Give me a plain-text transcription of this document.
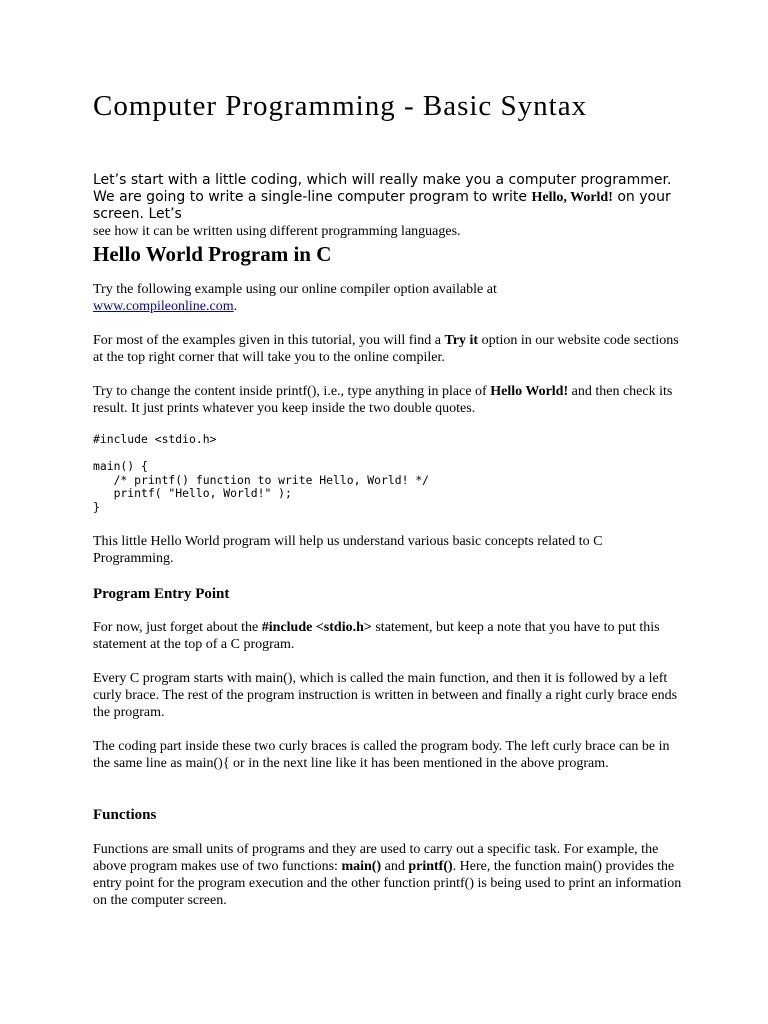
Computer Programming - Basic Syntax

Let’s start with a little coding, which will really make you a computer programmer. We are going to write a single-line computer program to write Hello, World! on your screen. Let’s
see how it can be written using different programming languages.

Hello World Program in C

Try the following example using our online compiler option available at
www.compileonline.com.

For most of the examples given in this tutorial, you will find a Try it option in our website code sections at the top right corner that will take you to the online compiler.

Try to change the content inside printf(), i.e., type anything in place of Hello World! and then check its result. It just prints whatever you keep inside the two double quotes.

#include <stdio.h>
main() {
/* printf() function to write Hello, World! */
printf( "Hello, World!" );
}

This little Hello World program will help us understand various basic concepts related to C Programming.

Program Entry Point

For now, just forget about the #include <stdio.h> statement, but keep a note that you have to put this statement at the top of a C program.

Every C program starts with main(), which is called the main function, and then it is followed by a left curly brace. The rest of the program instruction is written in between and finally a right curly brace ends the program.

The coding part inside these two curly braces is called the program body. The left curly brace can be in the same line as main(){ or in the next line like it has been mentioned in the above program.

Functions

Functions are small units of programs and they are used to carry out a specific task. For example, the above program makes use of two functions: main() and printf(). Here, the function main() provides the entry point for the program execution and the other function printf() is being used to print an information on the computer screen.
